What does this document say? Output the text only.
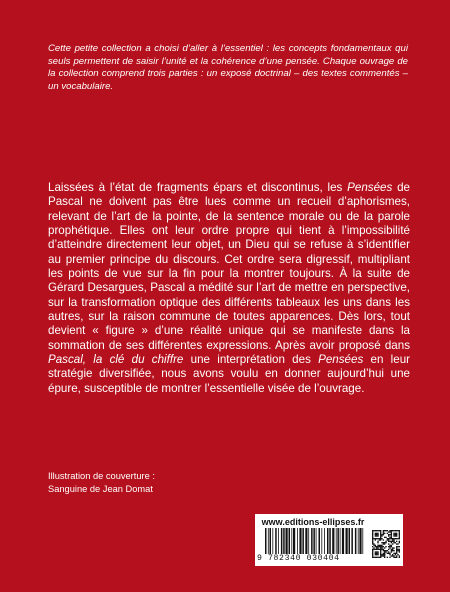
Cette petite collection a choisi d’aller à l’essentiel : les concepts fondamentaux qui seuls permettent de saisir l’unité et la cohérence d’une pensée. Chaque ouvrage de la collection comprend trois parties : un exposé doctrinal – des textes commentés – un vocabulaire.

Laissées à l’état de fragments épars et discontinus, les Pensées de Pascal ne doivent pas être lues comme un recueil d’aphorismes, relevant de l’art de la pointe, de la sentence morale ou de la parole prophétique. Elles ont leur ordre propre qui tient à l’impossibilité d’atteindre directement leur objet, un Dieu qui se refuse à s’identifier au premier principe du discours. Cet ordre sera digressif, multipliant les points de vue sur la fin pour la montrer toujours. À la suite de Gérard Desargues, Pascal a médité sur l’art de mettre en perspective, sur la transformation optique des différents tableaux les uns dans les autres, sur la raison commune de toutes apparences. Dès lors, tout devient « figure » d’une réalité unique qui se manifeste dans la sommation de ses différentes expressions. Après avoir proposé dans Pascal, la clé du chiffre une interprétation des Pensées en leur stratégie diversifiée, nous avons voulu en donner aujourd’hui une épure, susceptible de montrer l’essentielle visée de l’ouvrage.

Illustration de couverture :
Sanguine de Jean Domat
www.editions-ellipses.fr
9 782340 030404
